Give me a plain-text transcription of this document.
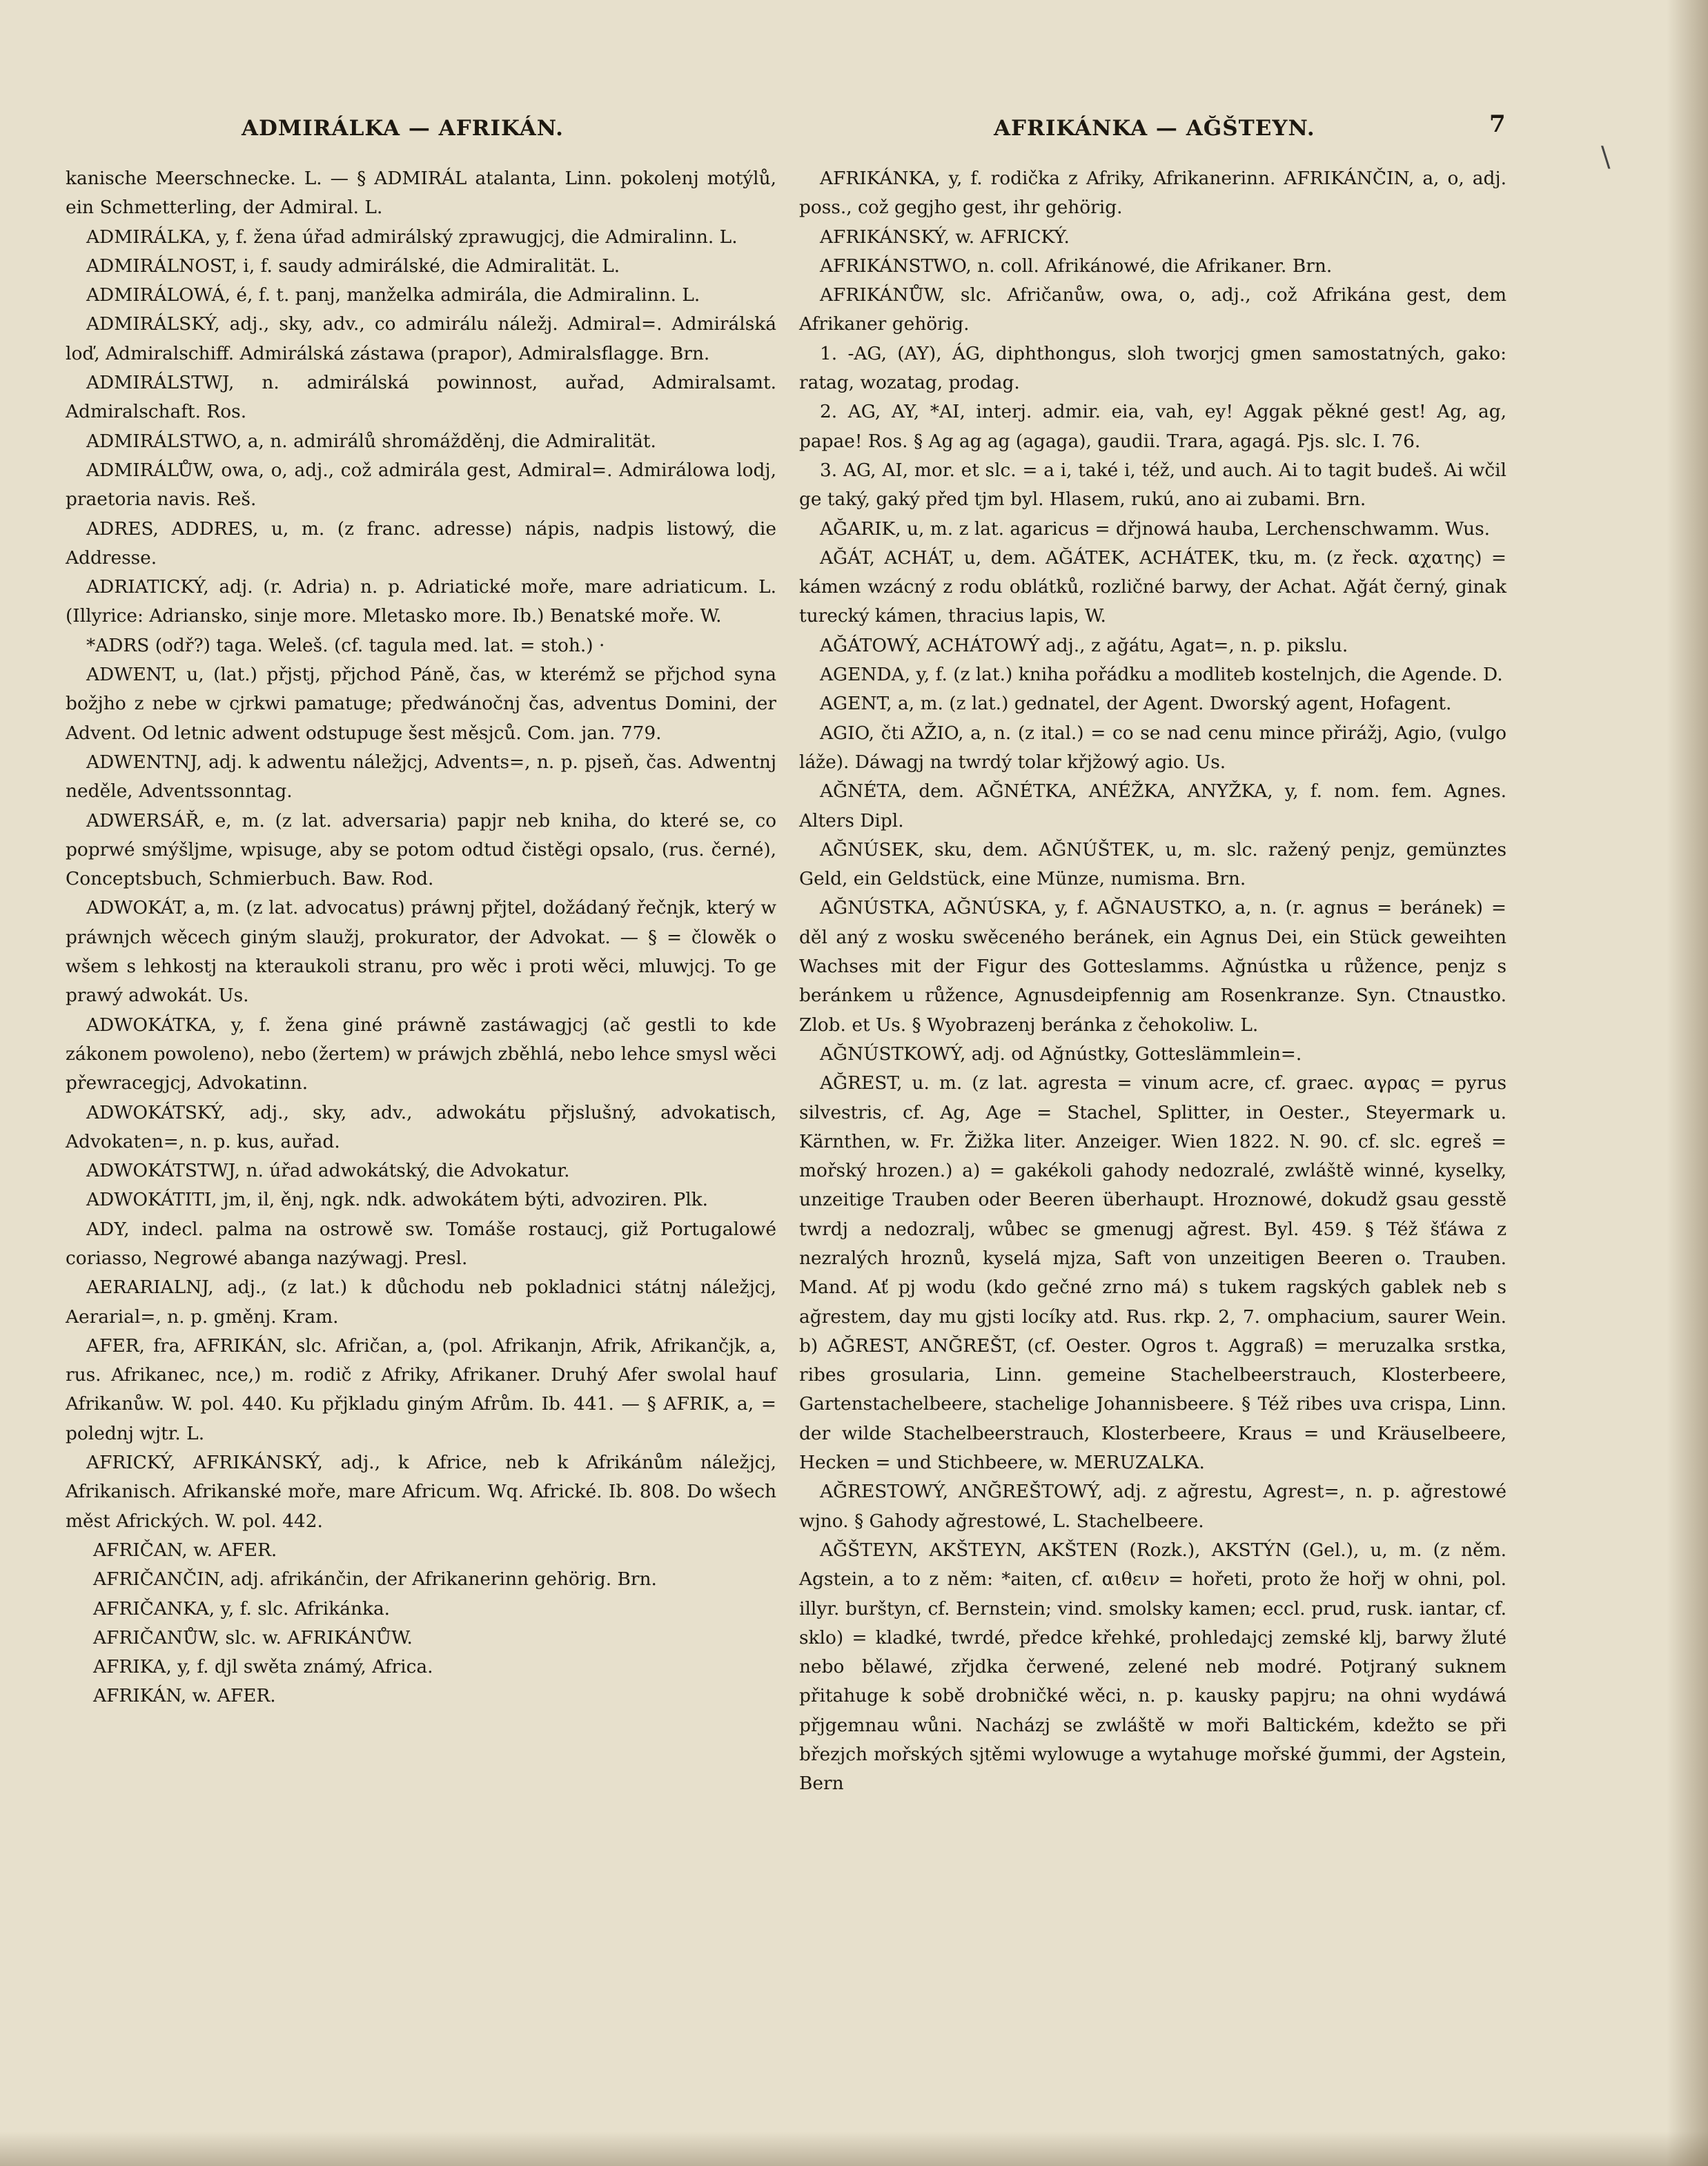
ADMIRÁLKA — AFRIKÁN.	AFRIKÁNKA — AĞŠTEYN.	7
\

kanische Meerschnecke. L. — § ADMIRÁL atalanta, Linn. pokolenj motýlů, ein Schmetterling, der Admiral. L.

ADMIRÁLKA, y, f. žena úřad admirálský zprawugjcj, die Admiralinn. L.

ADMIRÁLNOST, i, f. saudy admirálské, die Admiralität. L.

ADMIRÁLOWÁ, é, f. t. panj, manželka admirála, die Admiralinn. L.

ADMIRÁLSKÝ, adj., sky, adv., co admirálu náležj. Admiral=. Admirálská loď, Admiralschiff. Admirálská zástawa (prapor), Admiralsflagge. Brn.

ADMIRÁLSTWJ, n. admirálská powinnost, auřad, Admiralsamt. Admiralschaft. Ros.

ADMIRÁLSTWO, a, n. admirálů shromážděnj, die Admiralität.

ADMIRÁLŮW, owa, o, adj., což admirála gest, Admiral=. Admirálowa lodj, praetoria navis. Reš.

ADRES, ADDRES, u, m. (z franc. adresse) nápis, nadpis listowý, die Addresse.

ADRIATICKÝ, adj. (r. Adria) n. p. Adriatické moře, mare adriaticum. L. (Illyrice: Adriansko, sinje more. Mletasko more. Ib.) Benatské moře. W.

*ADRS (odř?) taga. Weleš. (cf. tagula med. lat. = stoh.) ·

ADWENT, u, (lat.) přjstj, přjchod Páně, čas, w kterémž se přjchod syna božjho z nebe w cjrkwi pamatuge; předwánočnj čas, adventus Domini, der Advent. Od letnic adwent odstupuge šest měsjců. Com. jan. 779.

ADWENTNJ, adj. k adwentu náležjcj, Advents=, n. p. pjseň, čas. Adwentnj neděle, Adventssonntag.

ADWERSÁŘ, e, m. (z lat. adversaria) papjr neb kniha, do které se, co poprwé smýšljme, wpisuge, aby se potom odtud čistěgi opsalo, (rus. černé), Conceptsbuch, Schmierbuch. Baw. Rod.

ADWOKÁT, a, m. (z lat. advocatus) práwnj přjtel, dožádaný řečnjk, který w práwnjch wěcech giným slaužj, prokurator, der Advokat. — § = člowěk o wšem s lehkostj na kteraukoli stranu, pro wěc i proti wěci, mluwjcj. To ge prawý adwokát. Us.

ADWOKÁTKA, y, f. žena giné práwně zastáwagjcj (ač gestli to kde zákonem powoleno), nebo (žertem) w práwjch zběhlá, nebo lehce smysl wěci přewracegjcj, Advokatinn.

ADWOKÁTSKÝ, adj., sky, adv., adwokátu přjslušný, advokatisch, Advokaten=, n. p. kus, auřad.

ADWOKÁTSTWJ, n. úřad adwokátský, die Advokatur.

ADWOKÁTITI, jm, il, ěnj, ngk. ndk. adwokátem býti, advoziren. Plk.

ADY, indecl. palma na ostrowě sw. Tomáše rostaucj, giž Portugalowé coriasso, Negrowé abanga nazýwagj. Presl.

AERARIALNJ, adj., (z lat.) k důchodu neb pokladnici státnj náležjcj, Aerarial=, n. p. gměnj. Kram.

AFER, fra, AFRIKÁN, slc. Afričan, a, (pol. Afrikanjn, Afrik, Afrikančjk, a, rus. Afrikanec, nce,) m. rodič z Afriky, Afrikaner. Druhý Afer swolal hauf Afrikanůw. W. pol. 440. Ku přjkladu giným Afrům. Ib. 441. — § AFRIK, a, = polednj wjtr. L.

AFRICKÝ, AFRIKÁNSKÝ, adj., k Africe, neb k Afrikánům náležjcj, Afrikanisch. Afrikanské moře, mare Africum. Wq. Africké. Ib. 808. Do wšech měst Afrických. W. pol. 442.

AFRIČAN, w. AFER.

AFRIČANČIN, adj. afrikánčin, der Afrikanerinn gehörig. Brn.

AFRIČANKA, y, f. slc. Afrikánka.

AFRIČANŮW, slc. w. AFRIKÁNŮW.

AFRIKA, y, f. djl swěta známý, Africa.

AFRIKÁN, w. AFER.

AFRIKÁNKA, y, f. rodička z Afriky, Afrikanerinn. AFRIKÁNČIN, a, o, adj. poss., což gegjho gest, ihr gehörig.

AFRIKÁNSKÝ, w. AFRICKÝ.

AFRIKÁNSTWO, n. coll. Afrikánowé, die Afrikaner. Brn.

AFRIKÁNŮW, slc. Afričanůw, owa, o, adj., což Afrikána gest, dem Afrikaner gehörig.

1. -AG, (AY), ÁG, diphthongus, sloh tworjcj gmen samostatných, gako: ratag, wozatag, prodag.

2. AG, AY, *AI, interj. admir. eia, vah, ey! Aggak pěkné gest! Ag, ag, papae! Ros. § Ag ag ag (agaga), gaudii. Trara, agagá. Pjs. slc. I. 76.

3. AG, AI, mor. et slc. = a i, také i, též, und auch. Ai to tagit budeš. Ai wčil ge taký, gaký před tjm byl. Hlasem, rukú, ano ai zubami. Brn.

AĞARIK, u, m. z lat. agaricus = dřjnowá hauba, Lerchenschwamm. Wus.

AĞÁT, ACHÁT, u, dem. AĞÁTEK, ACHÁTEK, tku, m. (z řeck. αχατης) = kámen wzácný z rodu oblátků, rozličné barwy, der Achat. Ağát černý, ginak turecký kámen, thracius lapis, W.

AĞÁTOWÝ, ACHÁTOWÝ adj., z ağátu, Agat=, n. p. pikslu.

AGENDA, y, f. (z lat.) kniha pořádku a modliteb kostelnjch, die Agende. D.

AGENT, a, m. (z lat.) gednatel, der Agent. Dworský agent, Hofagent.

AGIO, čti AŽIO, a, n. (z ital.) = co se nad cenu mince přirážj, Agio, (vulgo láže). Dáwagj na twrdý tolar křjžowý agio. Us.

AĞNÉTA, dem. AĞNÉTKA, ANÉŽKA, ANYŽKA, y, f. nom. fem. Agnes. Alters Dipl.

AĞNÚSEK, sku, dem. AĞNÚŠTEK, u, m. slc. ražený penjz, gemünztes Geld, ein Geldstück, eine Münze, numisma. Brn.

AĞNÚSTKA, AĞNÚSKA, y, f. AĞNAUSTKO, a, n. (r. agnus = beránek) = děl aný z wosku swěceného beránek, ein Agnus Dei, ein Stück geweihten Wachses mit der Figur des Gotteslamms. Ağnústka u růžence, penjz s beránkem u růžence, Agnusdeipfennig am Rosenkranze. Syn. Ctnaustko. Zlob. et Us. § Wyobrazenj beránka z čehokoliw. L.

AĞNÚSTKOWÝ, adj. od Ağnústky, Gotteslämmlein=.

AĞREST, u. m. (z lat. agresta = vinum acre, cf. graec. αγρας = pyrus silvestris, cf. Ag, Age = Stachel, Splitter, in Oester., Steyermark u. Kärnthen, w. Fr. Žižka liter. Anzeiger. Wien 1822. N. 90. cf. slc. egreš = mořský hrozen.) a) = gakékoli gahody nedozralé, zwláště winné, kyselky, unzeitige Trauben oder Beeren überhaupt. Hroznowé, dokudž gsau gesstě twrdj a nedozralj, wůbec se gmenugj ağrest. Byl. 459. § Též šťáwa z nezralých hroznů, kyselá mjza, Saft von unzeitigen Beeren o. Trauben. Mand. Ať pj wodu (kdo gečné zrno má) s tukem ragských gablek neb s ağrestem, day mu gjsti locíky atd. Rus. rkp. 2, 7. omphacium, saurer Wein. b) AĞREST, ANĞREŠT, (cf. Oester. Ogros t. Aggraß) = meruzalka srstka, ribes grosularia, Linn. gemeine Stachelbeerstrauch, Klosterbeere, Gartenstachelbeere, stachelige Johannisbeere. § Též ribes uva crispa, Linn. der wilde Stachelbeerstrauch, Klosterbeere, Kraus = und Kräuselbeere, Hecken = und Stichbeere, w. MERUZALKA.

AĞRESTOWÝ, ANĞREŠTOWÝ, adj. z ağrestu, Agrest=, n. p. ağrestowé wjno. § Gahody ağrestowé, L. Stachelbeere.

AĞŠTEYN, AKŠTEYN, AKŠTEN (Rozk.), AKSTÝN (Gel.), u, m. (z něm. Agstein, a to z něm: *aiten, cf. αιθειν = hořeti, proto že hořj w ohni, pol. illyr. burštyn, cf. Bernstein; vind. smolsky kamen; eccl. prud, rusk. iantar, cf. sklo) = kladké, twrdé, předce křehké, prohledajcj zemské klj, barwy žluté nebo bělawé, zřjdka čerwené, zelené neb modré. Potjraný suknem přitahuge k sobě drobničké wěci, n. p. kausky papjru; na ohni wydáwá přjgemnau wůni. Nacházj se zwláště w moři Baltickém, kdežto se při březjch mořských sjtěmi wylowuge a wytahuge mořské ğummi, der Agstein, Bern
